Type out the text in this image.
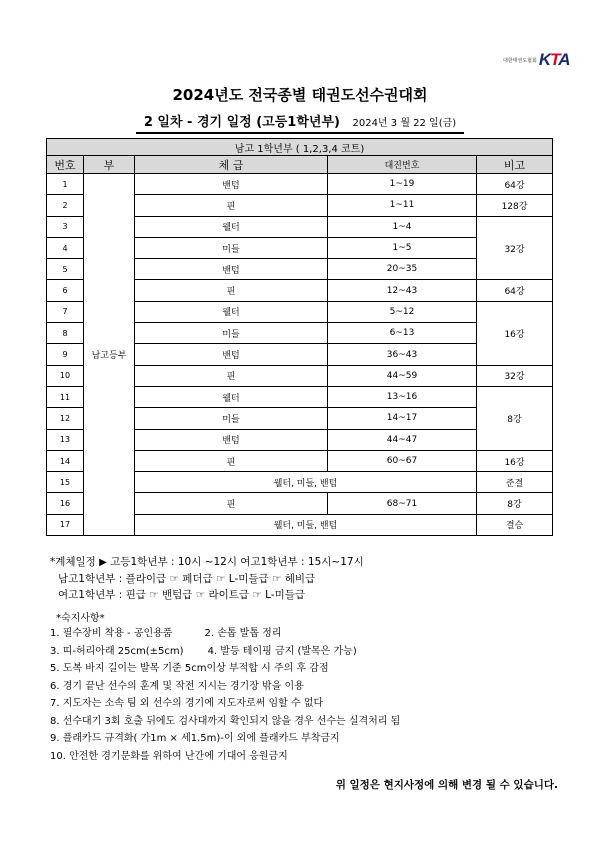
대한태권도협회 KTA
2024년도 전국종별 태권도선수권대회
2 일차 - 경기 일정 (고등1학년부) 2024년 3 월 22 일(금)
남고 1학년부 ( 1,2,3,4 코트)				
번호	부	체 급	대진번호	비고
1	남고등부	밴텀	1~19	64강
2		핀	1~11	128강
3		웰터	1~4	32강
4		미들	1~5	
5		밴텀	20~35	
6		핀	12~43	64강
7		웰터	5~12	16강
8		미들	6~13	
9		밴텀	36~43	
10		핀	44~59	32강
11		웰터	13~16	8강
12		미들	14~17	
13		밴텀	44~47	
14		핀	60~67	16강
15		웰터, 미들, 밴텀		준결
16		핀	68~71	8강
17		웰터, 미들, 밴텀		결승
*계체일정 ▶ 고등1학년부 : 10시 ~12시 여고1학년부 : 15시~17시
남고1학년부 : 플라이급 ☞ 페더급 ☞ L-미들급 ☞ 헤비급
여고1학년부 : 핀급 ☞ 밴텀급 ☞ 라이트급 ☞ L-미들급
*숙지사항*
1. 필수장비 착용 - 공인용품	2. 손톱 발톱 정리
3. 띠-허리아래 25cm(±5cm) 4. 발등 테이핑 금지 (발목은 가능)
5. 도복 바지 길이는 발목 기준 5cm이상 부적합 시 주의 후 감점
6. 경기 끝난 선수의 훈계 및 작전 지시는 경기장 밖을 이용
7. 지도자는 소속 팀 외 선수의 경기에 지도자로써 임할 수 없다
8. 선수대기 3회 호출 뒤에도 검사대까지 확인되지 않을 경우 선수는 실격처리 됨
9. 플래카드 규격화( 가1m × 세1.5m)-이 외에 플래카드 부착금지
10. 안전한 경기문화를 위하여 난간에 기대어 응원금지
위 일정은 현지사정에 의해 변경 될 수 있습니다.
